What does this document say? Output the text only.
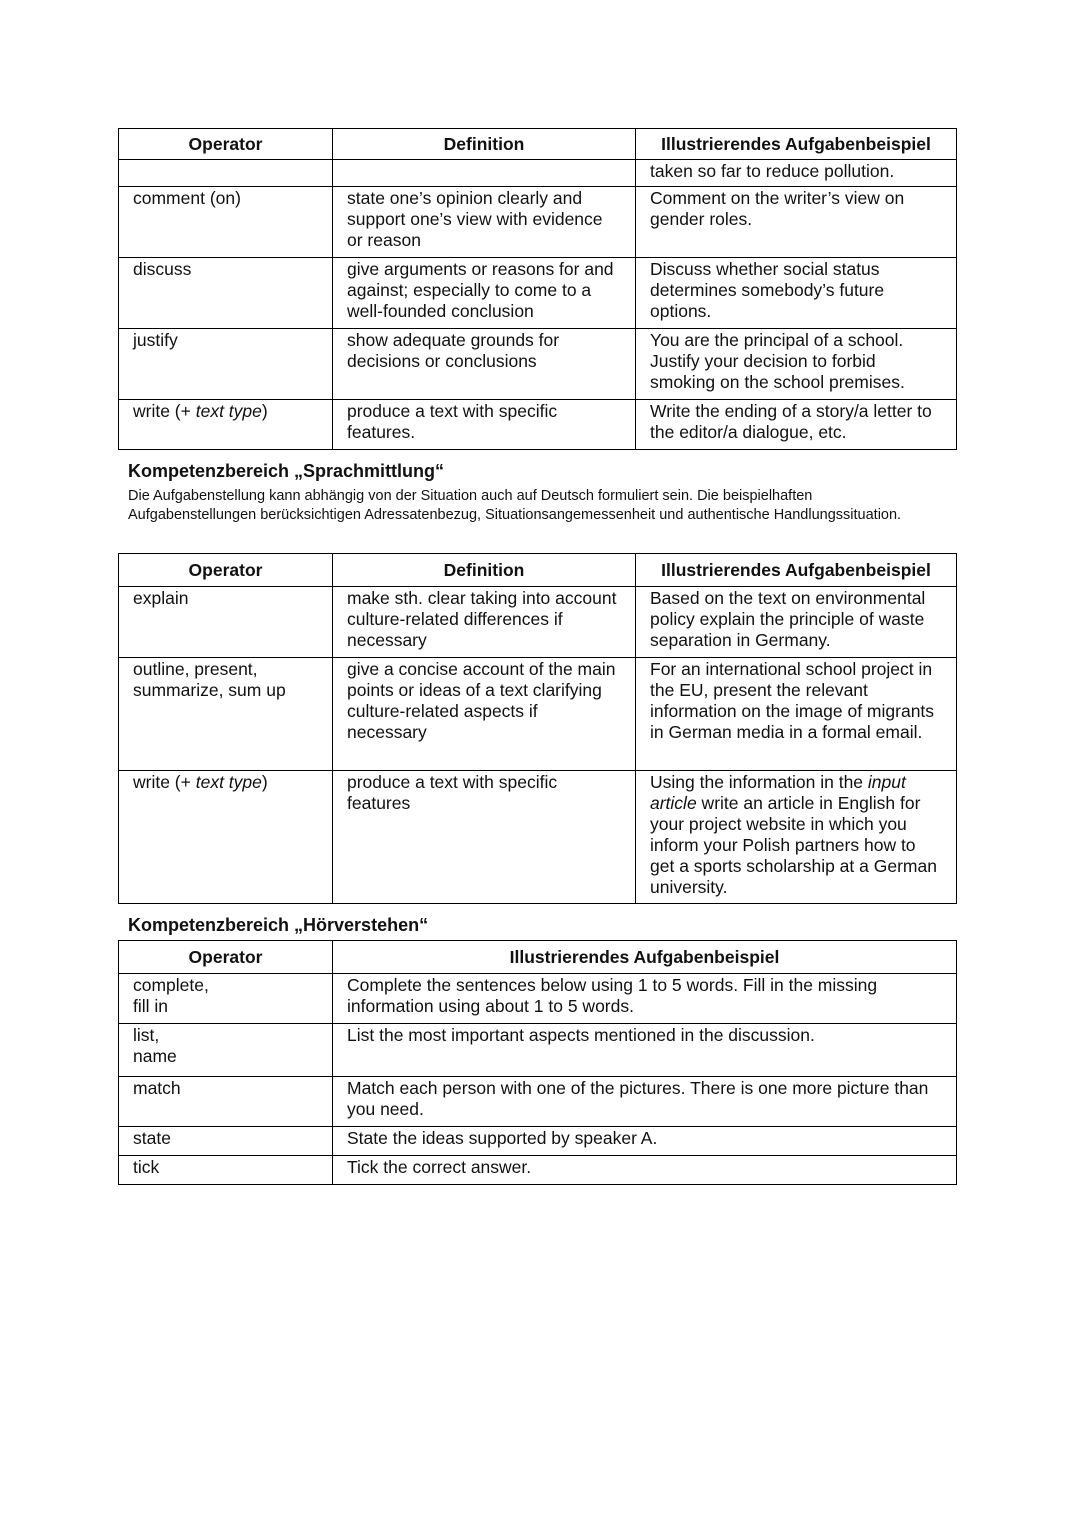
Operator	Definition	Illustrierendes Aufgabenbeispiel
		taken so far to reduce pollution.
comment (on)	state one’s opinion clearly and support one’s view with evidence or reason	Comment on the writer’s view on gender roles.
discuss	give arguments or reasons for and against; especially to come to a well-founded conclusion	Discuss whether social status determines somebody’s future options.
justify	show adequate grounds for decisions or conclusions	You are the principal of a school. Justify your decision to forbid smoking on the school premises.
write (+ text type)	produce a text with specific features.	Write the ending of a story/a letter to the editor/a dialogue, etc.

Kompetenzbereich „Sprachmittlung“

Die Aufgabenstellung kann abhängig von der Situation auch auf Deutsch formuliert sein. Die beispielhaften Aufgabenstellungen berücksichtigen Adressatenbezug, Situationsangemessenheit und authentische Handlungssituation.

Operator	Definition	Illustrierendes Aufgabenbeispiel
explain	make sth. clear taking into account culture-related differences if necessary	Based on the text on environmental policy explain the principle of waste separation in Germany.
outline, present,
summarize, sum up	give a concise account of the main points or ideas of a text clarifying culture-related aspects if necessary	For an international school project in the EU, present the relevant information on the image of migrants in German media in a formal email.
write (+ text type)	produce a text with specific features	Using the information in the input article write an article in English for your project website in which you inform your Polish partners how to get a sports scholarship at a German university.

Kompetenzbereich „Hörverstehen“

Operator	Illustrierendes Aufgabenbeispiel
complete,
fill in	Complete the sentences below using 1 to 5 words. Fill in the missing information using about 1 to 5 words.
list,
name	List the most important aspects mentioned in the discussion.
match	Match each person with one of the pictures. There is one more picture than you need.
state	State the ideas supported by speaker A.
tick	Tick the correct answer.
